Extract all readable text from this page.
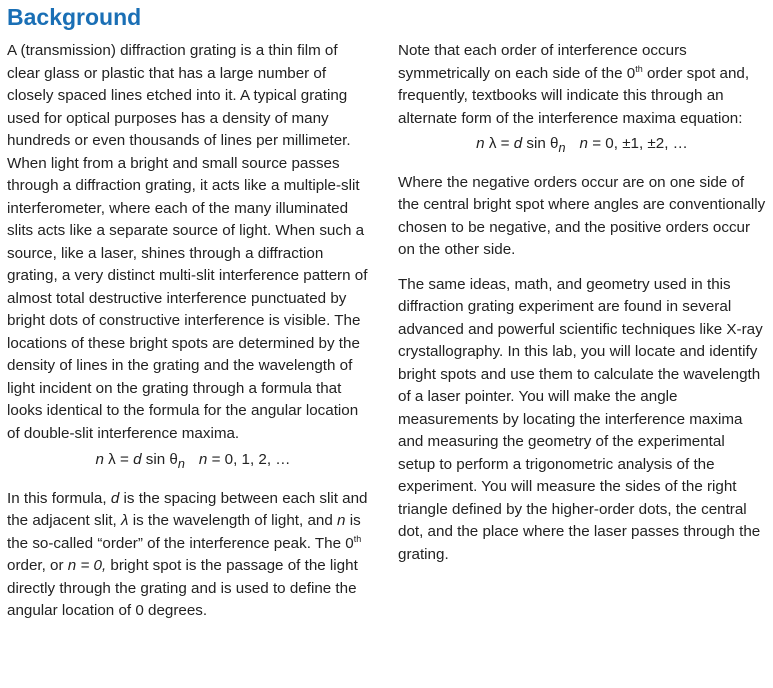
Background

A (transmission) diffraction grating is a thin film of clear glass or plastic that has a large number of closely spaced lines etched into it. A typical grating used for optical purposes has a density of many hundreds or even thousands of lines per millimeter. When light from a bright and small source passes through a diffraction grating, it acts like a multiple-slit interferometer, where each of the many illuminated slits acts like a separate source of light. When such a source, like a laser, shines through a diffraction grating, a very distinct multi-slit interference pattern of almost total destructive interference punctuated by bright dots of constructive interference is visible. The locations of these bright spots are determined by the density of lines in the grating and the wavelength of light incident on the grating through a formula that looks identical to the formula for the angular location of double-slit interference maxima.

n λ = d $\sin \theta_n$ n = 0, 1, 2, …

In this formula, d is the spacing between each slit and the adjacent slit, λ is the wavelength of light, and n is the so-called “order” of the interference peak. The 0th order, or n = 0, bright spot is the passage of the light directly through the grating and is used to define the angular location of 0 degrees.

Note that each order of interference occurs symmetrically on each side of the 0th order spot and, frequently, textbooks will indicate this through an alternate form of the interference maxima equation:

n λ = d $\sin \theta_n$ n = 0, ±1, ±2, …

Where the negative orders occur are on one side of the central bright spot where angles are conventionally chosen to be negative, and the positive orders occur on the other side.

The same ideas, math, and geometry used in this diffraction grating experiment are found in several advanced and powerful scientific techniques like X-ray crystallography. In this lab, you will locate and identify bright spots and use them to calculate the wavelength of a laser pointer. You will make the angle measurements by locating the interference maxima and measuring the geometry of the experimental setup to perform a trigonometric analysis of the experiment. You will measure the sides of the right triangle defined by the higher-order dots, the central dot, and the place where the laser passes through the grating.
